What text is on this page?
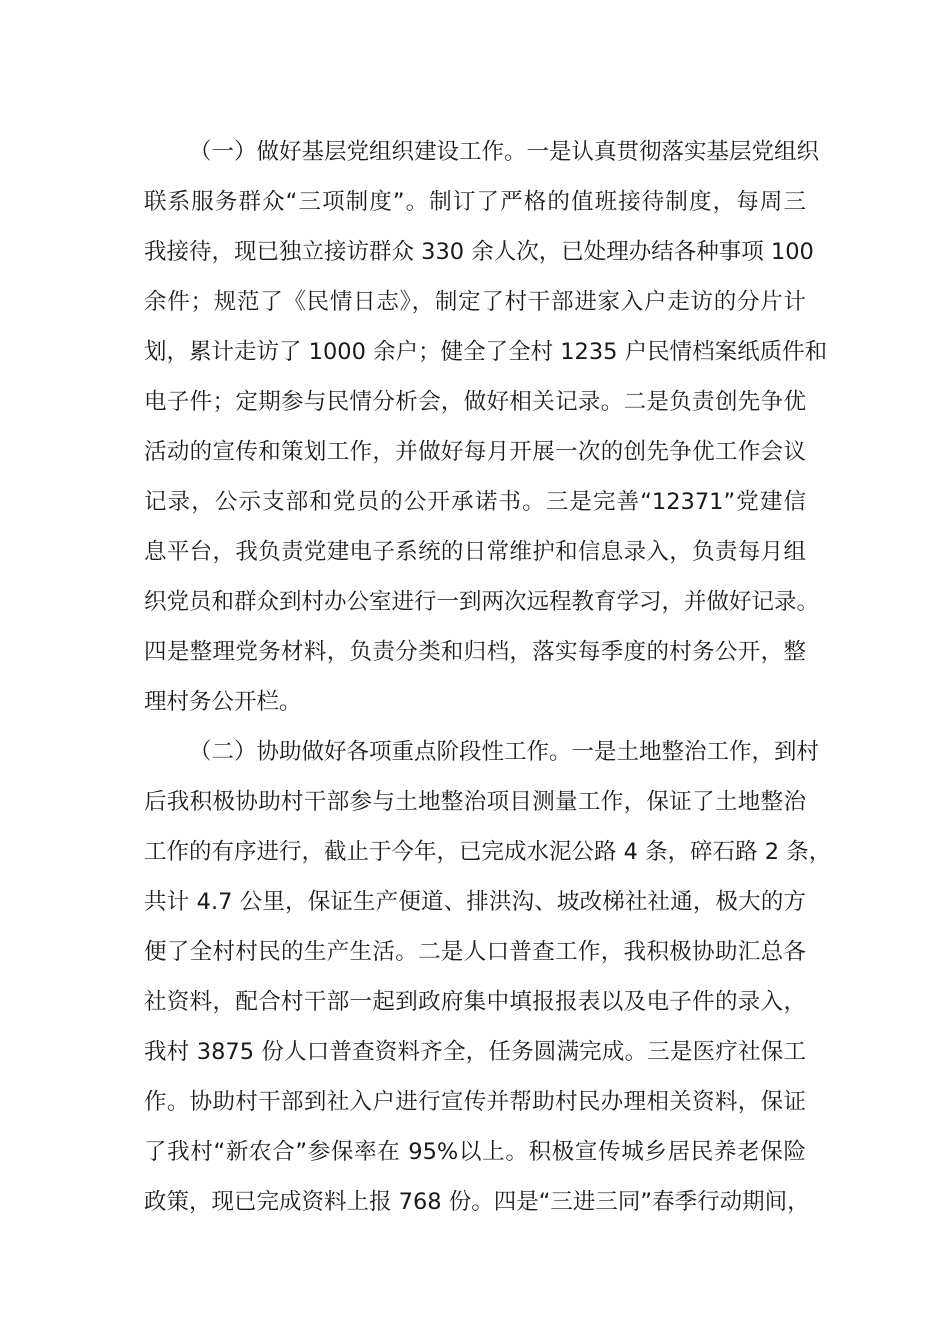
（一）做好基层党组织建设工作。一是认真贯彻落实基层党组织
联系服务群众“三项制度”。制订了严格的值班接待制度，每周三
我接待，现已独立接访群众 330 余人次，已处理办结各种事项 100
余件；规范了《民情日志》，制定了村干部进家入户走访的分片计
划，累计走访了 1000 余户；健全了全村 1235 户民情档案纸质件和
电子件；定期参与民情分析会，做好相关记录。二是负责创先争优
活动的宣传和策划工作，并做好每月开展一次的创先争优工作会议
记录，公示支部和党员的公开承诺书。三是完善“12371”党建信
息平台，我负责党建电子系统的日常维护和信息录入，负责每月组
织党员和群众到村办公室进行一到两次远程教育学习，并做好记录。
四是整理党务材料，负责分类和归档，落实每季度的村务公开，整
理村务公开栏。
（二）协助做好各项重点阶段性工作。一是土地整治工作，到村
后我积极协助村干部参与土地整治项目测量工作，保证了土地整治
工作的有序进行，截止于今年，已完成水泥公路 4 条，碎石路 2 条，
共计 4.7 公里，保证生产便道、排洪沟、坡改梯社社通，极大的方
便了全村村民的生产生活。二是人口普查工作，我积极协助汇总各
社资料，配合村干部一起到政府集中填报报表以及电子件的录入，
我村 3875 份人口普查资料齐全，任务圆满完成。三是医疗社保工
作。协助村干部到社入户进行宣传并帮助村民办理相关资料，保证
了我村“新农合”参保率在 95%以上。积极宣传城乡居民养老保险
政策，现已完成资料上报 768 份。四是“三进三同”春季行动期间，
